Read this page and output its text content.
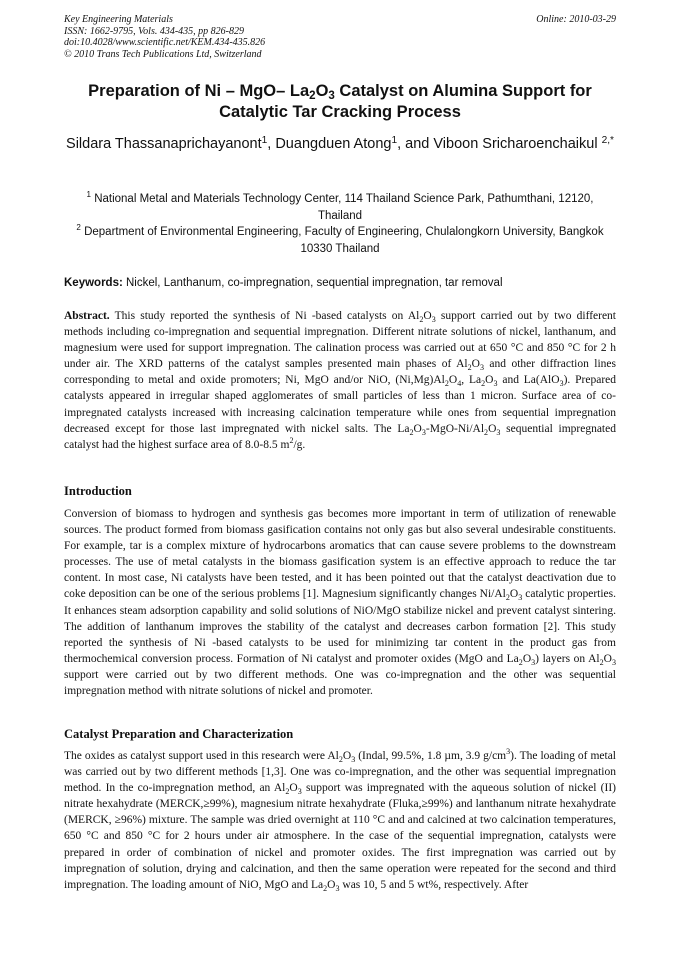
Key Engineering Materials
ISSN: 1662-9795, Vols. 434-435, pp 826-829
doi:10.4028/www.scientific.net/KEM.434-435.826
© 2010 Trans Tech Publications Ltd, Switzerland
Online: 2010-03-29
Preparation of Ni – MgO– $La_2O_3$ Catalyst on Alumina Support for Catalytic Tar Cracking Process
Sildara Thassanaprichayanont$^1$, Duangduen Atong$^1$, and Viboon Sricharoenchaikul $^{2,*}$
$^1$ National Metal and Materials Technology Center, 114 Thailand Science Park, Pathumthani, 12120, Thailand
$^2$ Department of Environmental Engineering, Faculty of Engineering, Chulalongkorn University, Bangkok 10330 Thailand
Keywords: Nickel, Lanthanum, co-impregnation, sequential impregnation, tar removal
Abstract. This study reported the synthesis of Ni -based catalysts on $Al_2O_3$ support carried out by two different methods including co-impregnation and sequential impregnation. Different nitrate solutions of nickel, lanthanum, and magnesium were used for support impregnation. The calination process was carried out at 650 °C and 850 °C for 2 h under air. The XRD patterns of the catalyst samples presented main phases of $Al_2O_3$ and other diffraction lines corresponding to metal and oxide promoters; Ni, MgO and/or NiO, $(Ni,Mg)Al_2O_4$, $La_2O_3$ and La(AlO$_3$). Prepared catalysts appeared in irregular shaped agglomerates of small particles of less than 1 micron. Surface area of co-impregnated catalysts increased with increasing calcination temperature while ones from sequential impregnation decreased except for those last impregnated with nickel salts. The $La_2O_3-MgO-Ni/Al_2O_3$ sequential impregnated catalyst had the highest surface area of 8.0-8.5 $m^2/g$.
Introduction
Conversion of biomass to hydrogen and synthesis gas becomes more important in term of utilization of renewable sources. The product formed from biomass gasification contains not only gas but also several undesirable constituents. For example, tar is a complex mixture of hydrocarbons aromatics that can cause severe problems to the downstream processes. The use of metal catalysts in the biomass gasification system is an effective approach to reduce the tar content. In most case, Ni catalysts have been tested, and it has been pointed out that the catalyst deactivation due to coke deposition can be one of the serious problems [1]. Magnesium significantly changes $Ni/Al_2O_3$ catalytic properties. It enhances steam adsorption capability and solid solutions of NiO/MgO stabilize nickel and prevent catalyst sintering. The addition of lanthanum improves the stability of the catalyst and decreases carbon formation [2]. This study reported the synthesis of Ni -based catalysts to be used for minimizing tar content in the product gas from thermochemical conversion process. Formation of Ni catalyst and promoter oxides (MgO and $La_2O_3$) layers on $Al_2O_3$ support were carried out by two different methods. One was co-impregnation and the other was sequential impregnation method with nitrate solutions of nickel and promoter.
Catalyst Preparation and Characterization
The oxides as catalyst support used in this research were $Al_2O_3$ (Indal, 99.5%, 1.8 µm, 3.9 $g/cm^3$). The loading of metal was carried out by two different methods [1,3]. One was co-impregnation, and the other was sequential impregnation method. In the co-impregnation method, an $Al_2O_3$ support was impregnated with the aqueous solution of nickel (II) nitrate hexahydrate (MERCK,≥99%), magnesium nitrate hexahydrate (Fluka,≥99%) and lanthanum nitrate hexahydrate (MERCK, ≥96%) mixture. The sample was dried overnight at 110 °C and and calcined at two calcination temperatures, 650 °C and 850 °C for 2 hours under air atmosphere. In the case of the sequential impregnation, catalysts were prepared in order of combination of nickel and promoter oxides. The first impregnation was carried out by impregnation of solution, drying and calcination, and then the same operation were repeated for the second and third impregnation. The loading amount of NiO, MgO and $La_2O_3$ was 10, 5 and 5 wt%, respectively. After
